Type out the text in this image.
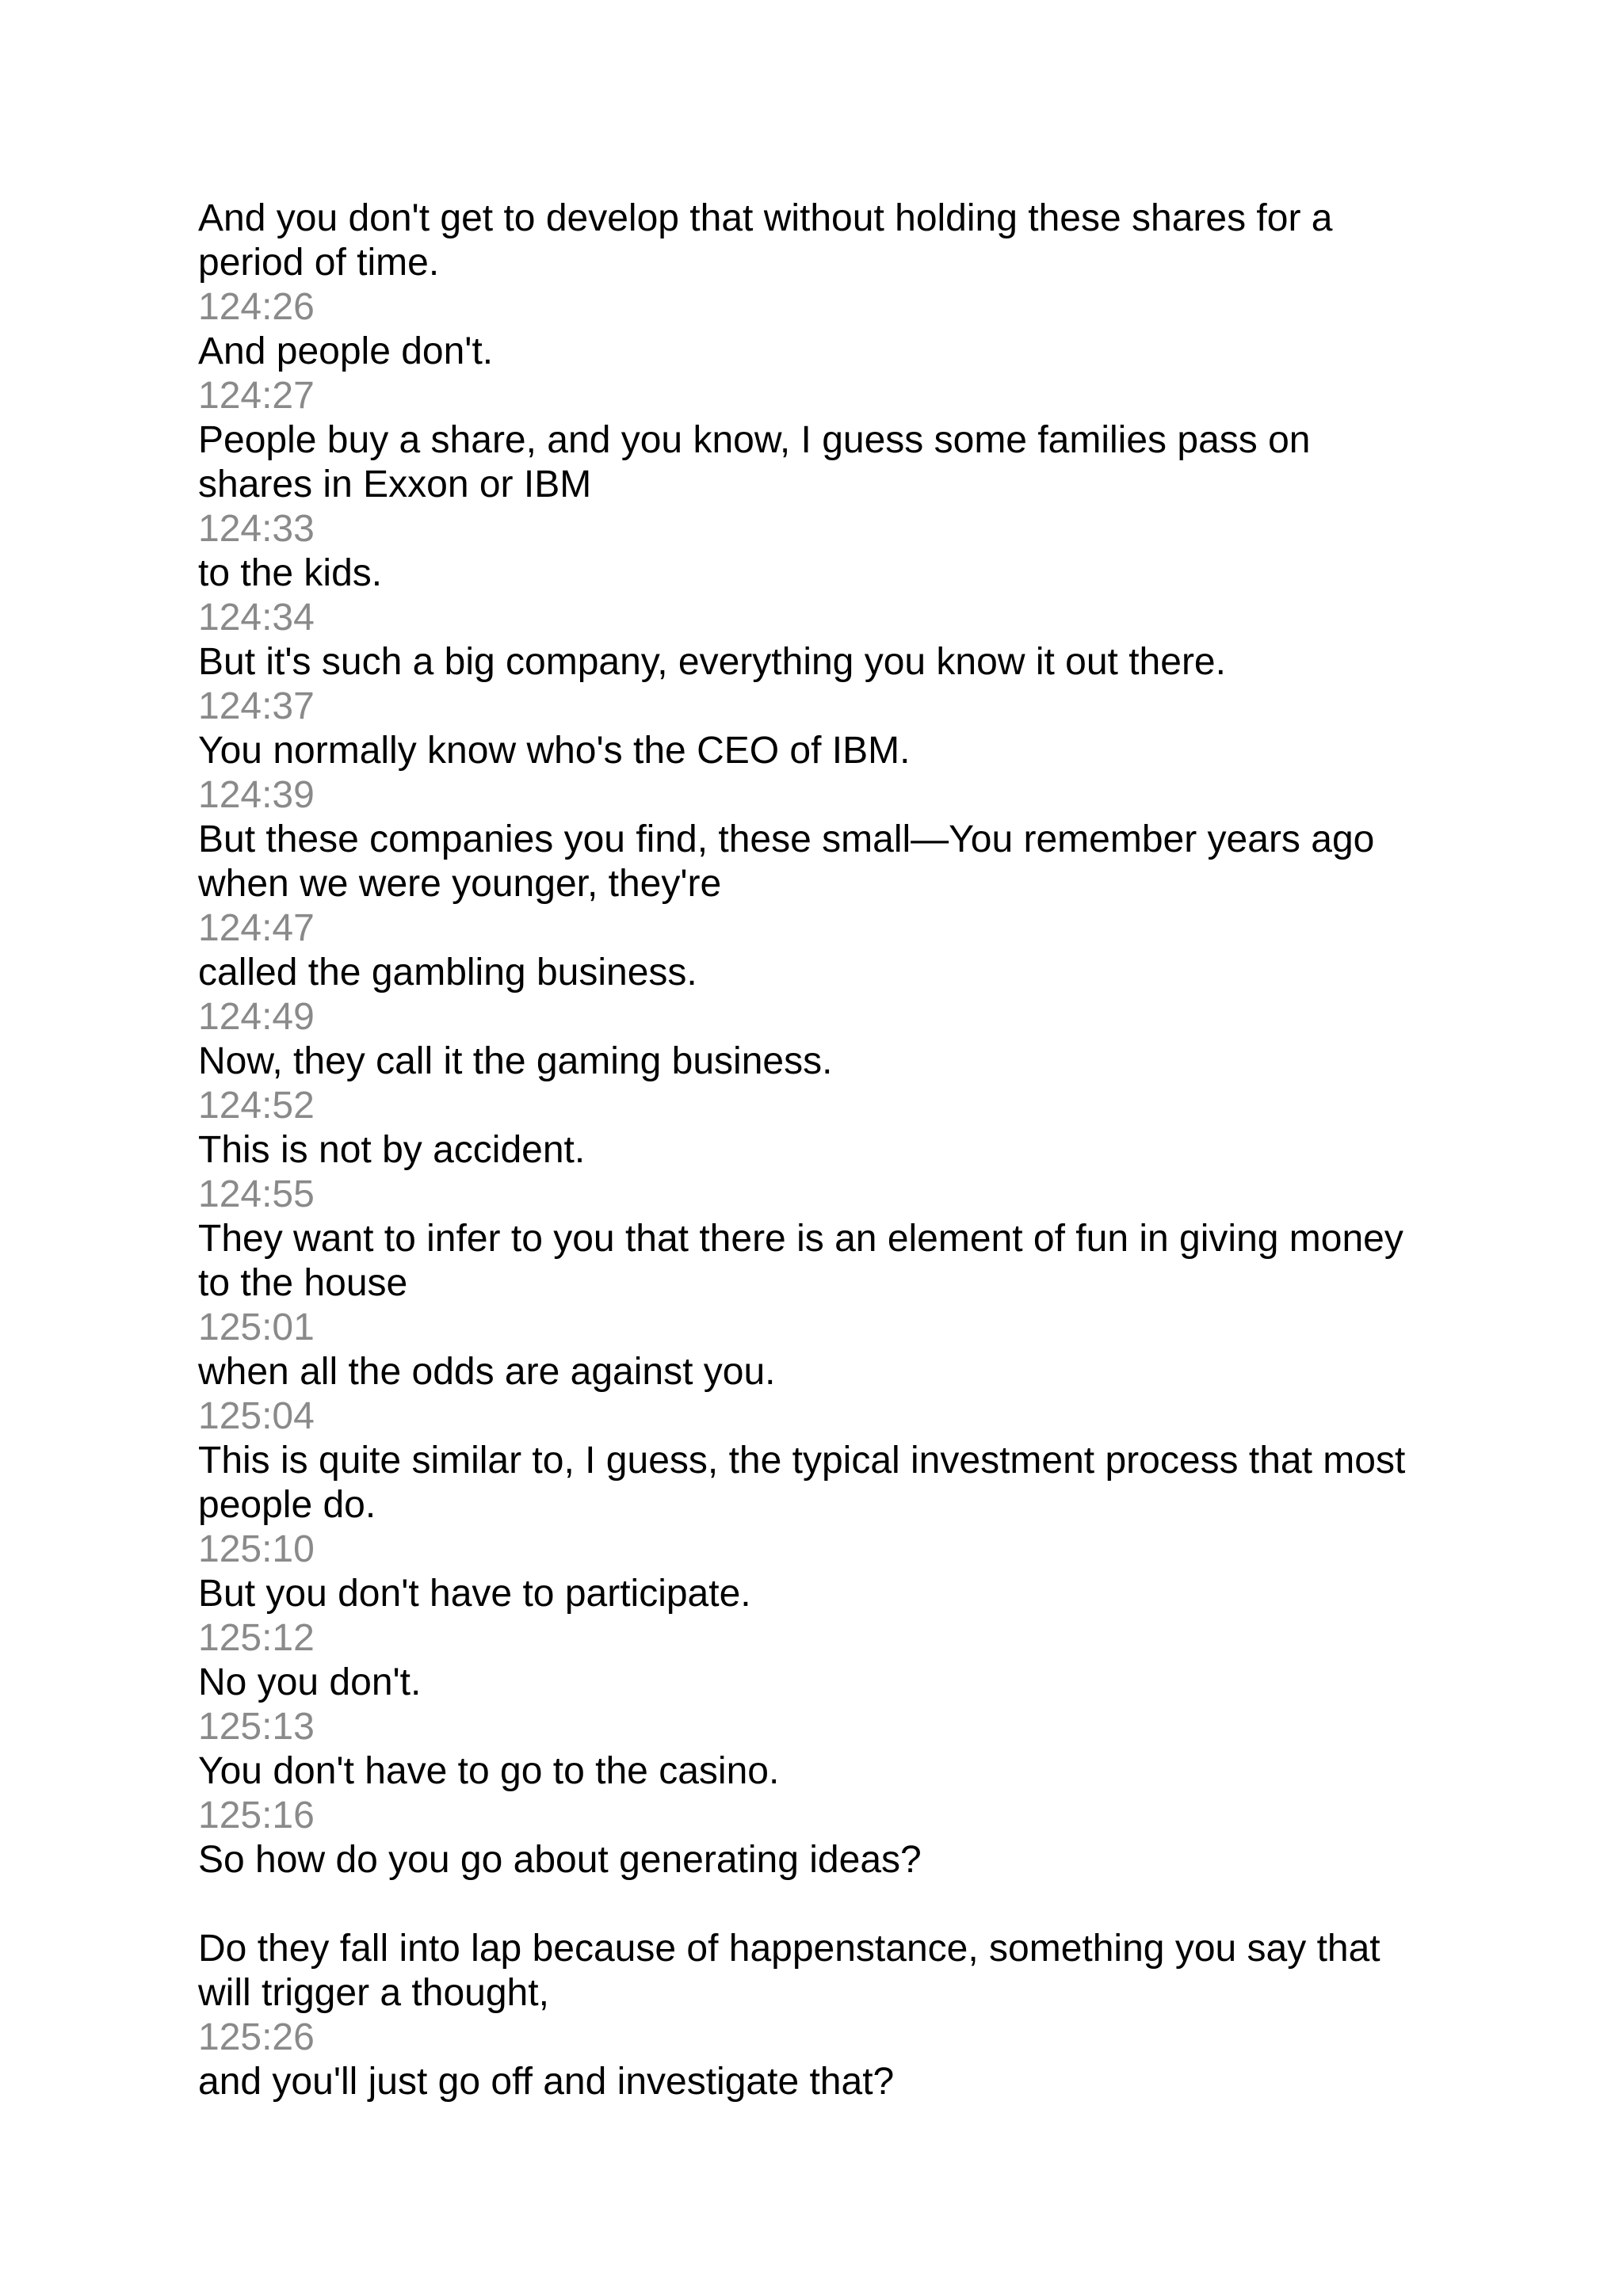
And you don't get to develop that without holding these shares for a period of time.
124:26
And people don't.
124:27
People buy a share, and you know, I guess some families pass on shares in Exxon or IBM
124:33
to the kids.
124:34
But it's such a big company, everything you know it out there.
124:37
You normally know who's the CEO of IBM.
124:39
But these companies you find, these small—You remember years ago when we were younger, they're
124:47
called the gambling business.
124:49
Now, they call it the gaming business.
124:52
This is not by accident.
124:55
They want to infer to you that there is an element of fun in giving money to the house
125:01
when all the odds are against you.
125:04
This is quite similar to, I guess, the typical investment process that most people do.
125:10
But you don't have to participate.
125:12
No you don't.
125:13
You don't have to go to the casino.
125:16
So how do you go about generating ideas?
Do they fall into lap because of happenstance, something you say that will trigger a thought,
125:26
and you'll just go off and investigate that?
